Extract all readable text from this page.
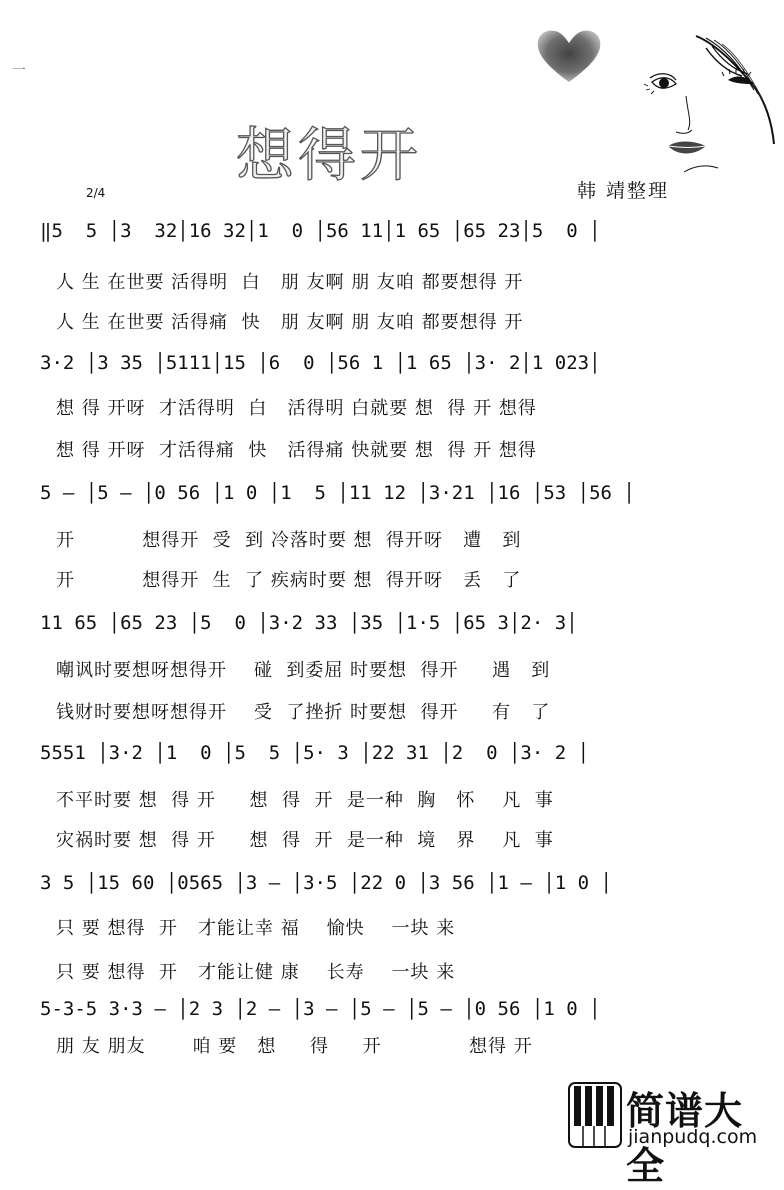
一
想得开
2/4	韩 靖整理
‖5  5 │3  32│16 32│1  0 │56 11│1 65 │65 23│5  0 │
人 生 在世要 活得明  白   朋 友啊 朋 友咱 都要想得 开
人 生 在世要 活得痛  快   朋 友啊 朋 友咱 都要想得 开
3·2 │3 35 │5111│15 │6  0 │56 1 │1 65 │3· 2│1 023│
想 得 开呀  才活得明  白   活得明 白就要 想  得 开 想得
想 得 开呀  才活得痛  快   活得痛 快就要 想  得 开 想得
5 — │5 — │0 56 │1 0 │1  5 │11 12 │3·21 │16 │53 │56 │
开          想得开  受  到 冷落时要 想  得开呀   遭   到
开          想得开  生  了 疾病时要 想  得开呀   丢   了
11 65 │65 23 │5  0 │3·2 33 │35 │1·5 │65 3│2· 3│
嘲讽时要想呀想得开    碰  到委屈 时要想  得开     遇   到
钱财时要想呀想得开    受  了挫折 时要想  得开     有   了
5551 │3·2 │1  0 │5  5 │5· 3 │22 31 │2  0 │3· 2 │
不平时要 想  得 开     想  得  开  是一种  胸   怀    凡  事
灾祸时要 想  得 开     想  得  开  是一种  境   界    凡  事
3 5 │15 60 │0565 │3 — │3·5 │22 0 │3 56 │1 — │1 0 │
只 要 想得  开   才能让幸 福    愉快    一块 来
只 要 想得  开   才能让健 康    长寿    一块 来
5-3-5 3·3 — │2 3 │2 — │3 — │5 — │5 — │0 56 │1 0 │
朋 友 朋友       咱 要   想     得     开             想得 开
简谱大全
jianpudq.com
